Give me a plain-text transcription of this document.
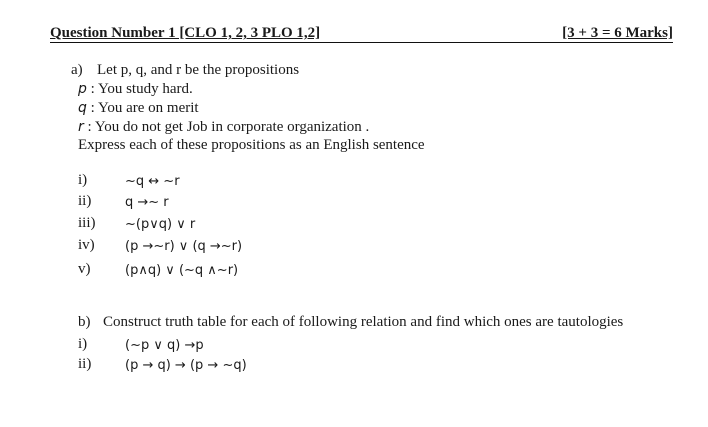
Question Number 1 [CLO 1, 2, 3 PLO 1,2]	[3 + 3 = 6 Marks]
a) Let p, q, and r be the propositions
p : You study hard.
q : You are on merit
r : You do not get Job in corporate organization .
Express each of these propositions as an English sentence
i)	~q ↔ ~r
ii)	q →~ r
iii) ~(p∨q) ∨ r
iv) (p →~r) ∨ (q →~r)
v)	(p∧q) ∨ (~q ∧~r)
b) Construct truth table for each of following relation and find which ones are tautologies
i)	(~p ∨ q) →p
ii)	(p → q) → (p → ~q)
